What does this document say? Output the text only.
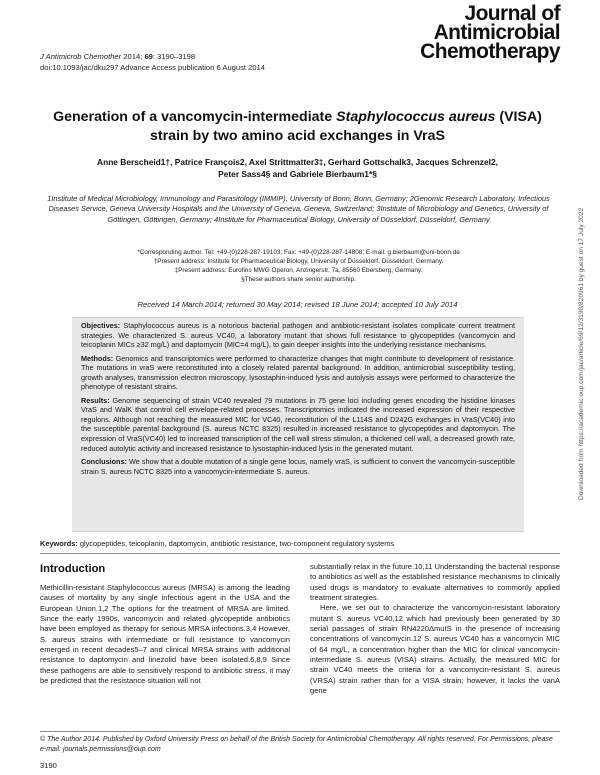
J Antimicrob Chemother 2014; 69: 3190–3198
doi:10.1093/jac/dku297 Advance Access publication 6 August 2014
Journal of
Antimicrobial
Chemotherapy
Generation of a vancomycin-intermediate Staphylococcus aureus (VISA) strain by two amino acid exchanges in VraS
Anne Berscheid1†, Patrice François2, Axel Strittmatter3‡, Gerhard Gottschalk3, Jacques Schrenzel2,
Peter Sass4§ and Gabriele Bierbaum1*§
1Institute of Medical Microbiology, Immunology and Parasitology (IMMIP), University of Bonn, Bonn, Germany; 2Genomic Research Laboratory, Infectious Diseases Service, Geneva University Hospitals and the University of Geneva, Geneva, Switzerland; 3Institute of Microbiology and Genetics, University of Göttingen, Göttingen, Germany; 4Institute for Pharmaceutical Biology, University of Düsseldorf, Düsseldorf, Germany
*Corresponding author. Tel: +49-(0)228-287-19103; Fax: +49-(0)228-287-14808; E-mail: g.bierbaum@uni-bonn.de
†Present address: Institute for Pharmaceutical Biology, University of Düsseldorf, Düsseldorf, Germany.
‡Present address: Eurofins MWG Operon, Anzingerstr. 7a, 85560 Ebersberg, Germany.
§These authors share senior authorship.
Received 14 March 2014; returned 30 May 2014; revised 18 June 2014; accepted 10 July 2014

Objectives: Staphylococcus aureus is a notorious bacterial pathogen and antibiotic-resistant isolates complicate current treatment strategies. We characterized S. aureus VC40, a laboratory mutant that shows full resistance to glycopeptides (vancomycin and teicoplanin MICs ≥32 mg/L) and daptomycin (MIC=4 mg/L), to gain deeper insights into the underlying resistance mechanisms.

Methods: Genomics and transcriptomics were performed to characterize changes that might contribute to development of resistance. The mutations in vraS were reconstituted into a closely related parental background. In addition, antimicrobial susceptibility testing, growth analyses, transmission electron microscopy, lysostaphin-induced lysis and autolysis assays were performed to characterize the phenotype of resistant strains.

Results: Genome sequencing of strain VC40 revealed 79 mutations in 75 gene loci including genes encoding the histidine kinases VraS and WalK that control cell envelope-related processes. Transcriptomics indicated the increased expression of their respective regulons. Although not reaching the measured MIC for VC40, reconstitution of the L114S and D242G exchanges in VraS(VC40) into the susceptible parental background (S. aureus NCTC 8325) resulted in increased resistance to glycopeptides and daptomycin. The expression of VraS(VC40) led to increased transcription of the cell wall stress stimulon, a thickened cell wall, a decreased growth rate, reduced autolytic activity and increased resistance to lysostaphin-induced lysis in the generated mutant.

Conclusions: We show that a double mutation of a single gene locus, namely vraS, is sufficient to convert the vancomycin-susceptible strain S. aureus NCTC 8325 into a vancomycin-intermediate S. aureus.

Keywords: glycopeptides, teicoplanin, daptomycin, antibiotic resistance, two-component regulatory systems
Introduction

Methicillin-resistant Staphylococcus aureus (MRSA) is among the leading causes of mortality by any single infectious agent in the USA and the European Union.1,2 The options for the treatment of MRSA are limited. Since the early 1990s, vancomycin and related glycopeptide antibiotics have been employed as therapy for serious MRSA infections.3,4 However, S. aureus strains with intermediate or full resistance to vancomycin emerged in recent decades5–7 and clinical MRSA strains with additional resistance to daptomycin and linezolid have been isolated.6,8,9 Since these pathogens are able to sensitively respond to antibiotic stress, it may be predicted that the resistance situation will not

substantially relax in the future.10,11 Understanding the bacterial response to antibiotics as well as the established resistance mechanisms to clinically used drugs is mandatory to evaluate alternatives to commonly applied treatment strategies.

Here, we set out to characterize the vancomycin-resistant laboratory mutant S. aureus VC40,12 which had previously been generated by 30 serial passages of strain RN4220ΔmutS in the presence of increasing concentrations of vancomycin.12 S. aureus VC40 has a vancomycin MIC of 64 mg/L, a concentration higher than the MIC for clinical vancomycin-intermediate S. aureus (VISA) strains. Actually, the measured MIC for strain VC40 meets the criteria for a vancomycin-resistant S. aureus (VRSA) strain rather than for a VISA strain; however, it lacks the vanA gene

© The Author 2014. Published by Oxford University Press on behalf of the British Society for Antimicrobial Chemotherapy. All rights reserved. For Permissions, please e-mail: journals.permissions@oup.com
3190
Downloaded from https://academic.oup.com/jac/article/69/12/3190/820961 by guest on 17 July 2022
